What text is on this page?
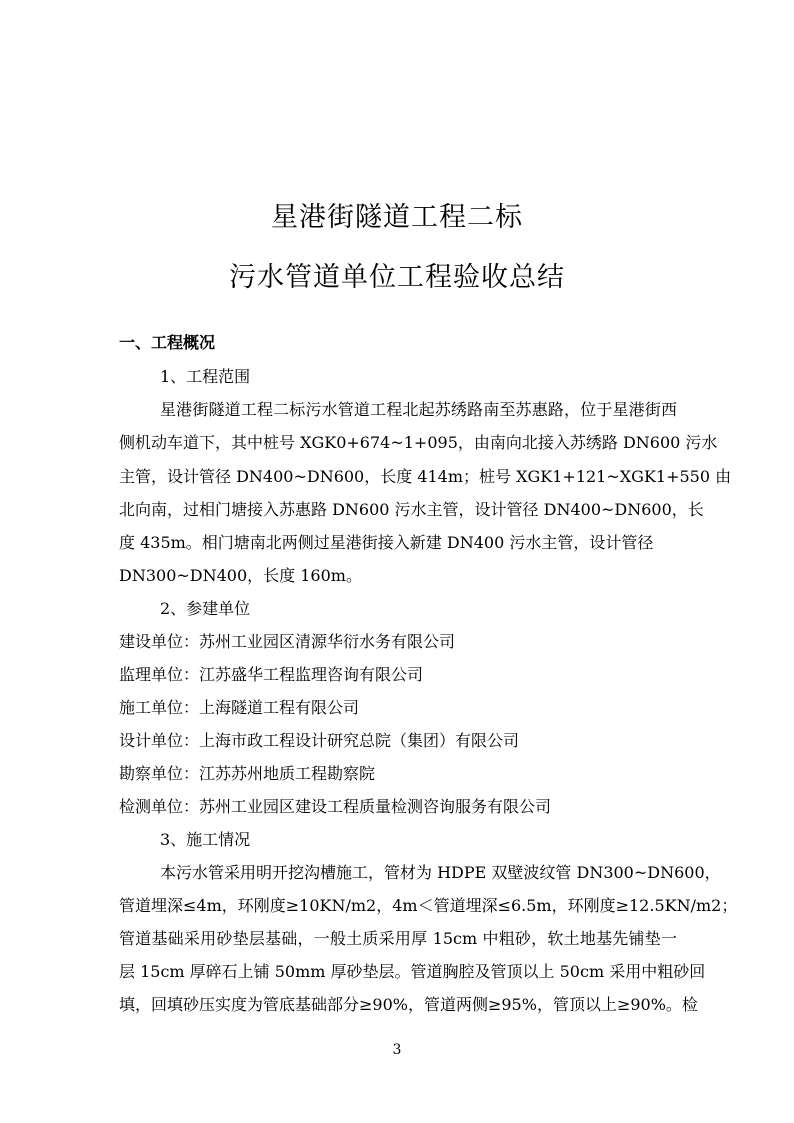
星港街隧道工程二标
污水管道单位工程验收总结
一、工程概况
1、工程范围
星港街隧道工程二标污水管道工程北起苏绣路南至苏惠路，位于星港街西
侧机动车道下，其中桩号 XGK0+674~1+095，由南向北接入苏绣路 DN600 污水
主管，设计管径 DN400~DN600，长度 414m；桩号 XGK1+121~XGK1+550 由
北向南，过相门塘接入苏惠路 DN600 污水主管，设计管径 DN400~DN600，长
度 435m。相门塘南北两侧过星港街接入新建 DN400 污水主管，设计管径
DN300~DN400，长度 160m。
2、参建单位
建设单位：苏州工业园区清源华衍水务有限公司
监理单位：江苏盛华工程监理咨询有限公司
施工单位：上海隧道工程有限公司
设计单位：上海市政工程设计研究总院（集团）有限公司
勘察单位：江苏苏州地质工程勘察院
检测单位：苏州工业园区建设工程质量检测咨询服务有限公司
3、施工情况
本污水管采用明开挖沟槽施工，管材为 HDPE 双壁波纹管 DN300~DN600，
管道埋深≤4m，环刚度≥10KN/m2，4m＜管道埋深≤6.5m，环刚度≥12.5KN/m2；
管道基础采用砂垫层基础，一般土质采用厚 15cm 中粗砂，软土地基先铺垫一
层 15cm 厚碎石上铺 50mm 厚砂垫层。管道胸腔及管顶以上 50cm 采用中粗砂回
填，回填砂压实度为管底基础部分≥90%，管道两侧≥95%，管顶以上≥90%。检
3
